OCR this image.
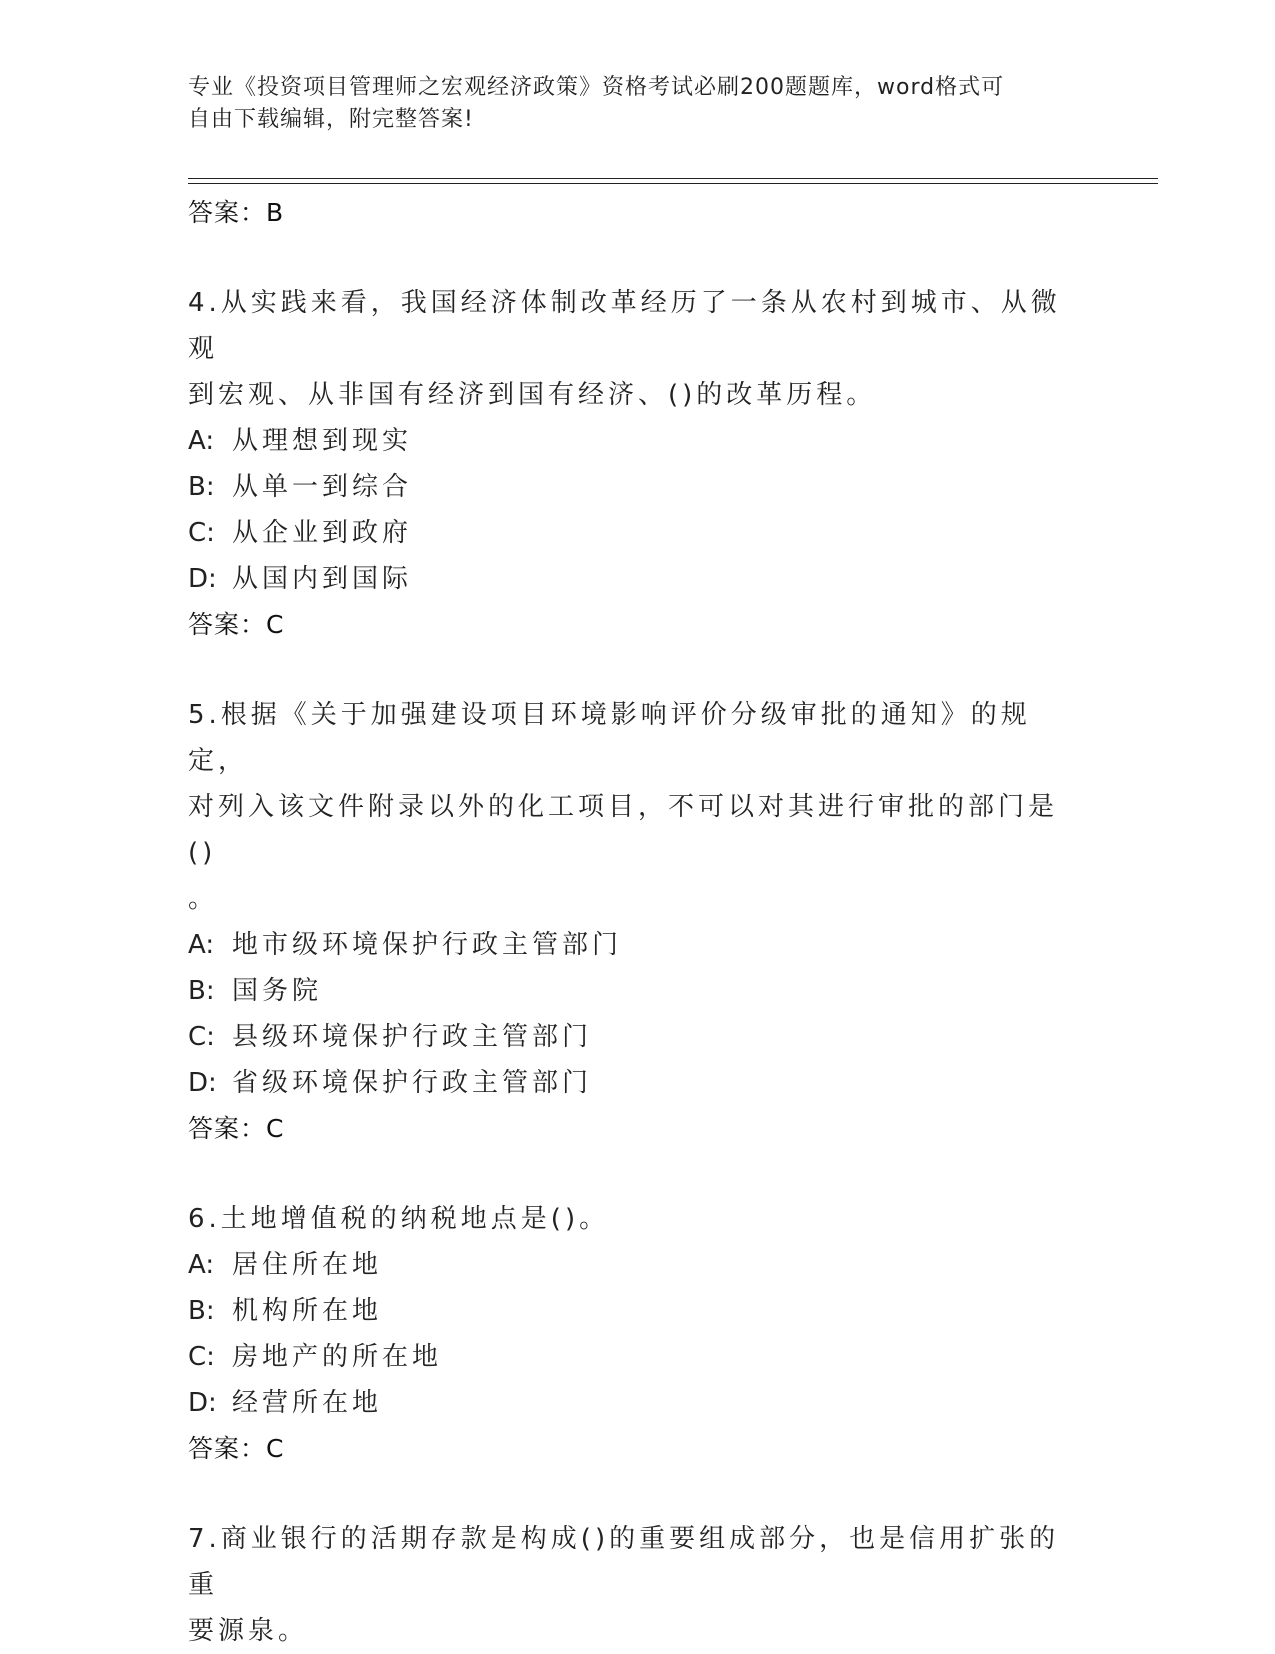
专业《投资项目管理师之宏观经济政策》资格考试必刷200题题库，word格式可
自由下载编辑，附完整答案!
答案：B
4.从实践来看，我国经济体制改革经历了一条从农村到城市、从微观
到宏观、从非国有经济到国有经济、()的改革历程。
A: 从理想到现实
B: 从单一到综合
C: 从企业到政府
D: 从国内到国际
答案：C
5.根据《关于加强建设项目环境影响评价分级审批的通知》的规定，
对列入该文件附录以外的化工项目，不可以对其进行审批的部门是()
。
A: 地市级环境保护行政主管部门
B: 国务院
C: 县级环境保护行政主管部门
D: 省级环境保护行政主管部门
答案：C
6.土地增值税的纳税地点是()。
A: 居住所在地
B: 机构所在地
C: 房地产的所在地
D: 经营所在地
答案：C
7.商业银行的活期存款是构成()的重要组成部分，也是信用扩张的重
要源泉。
